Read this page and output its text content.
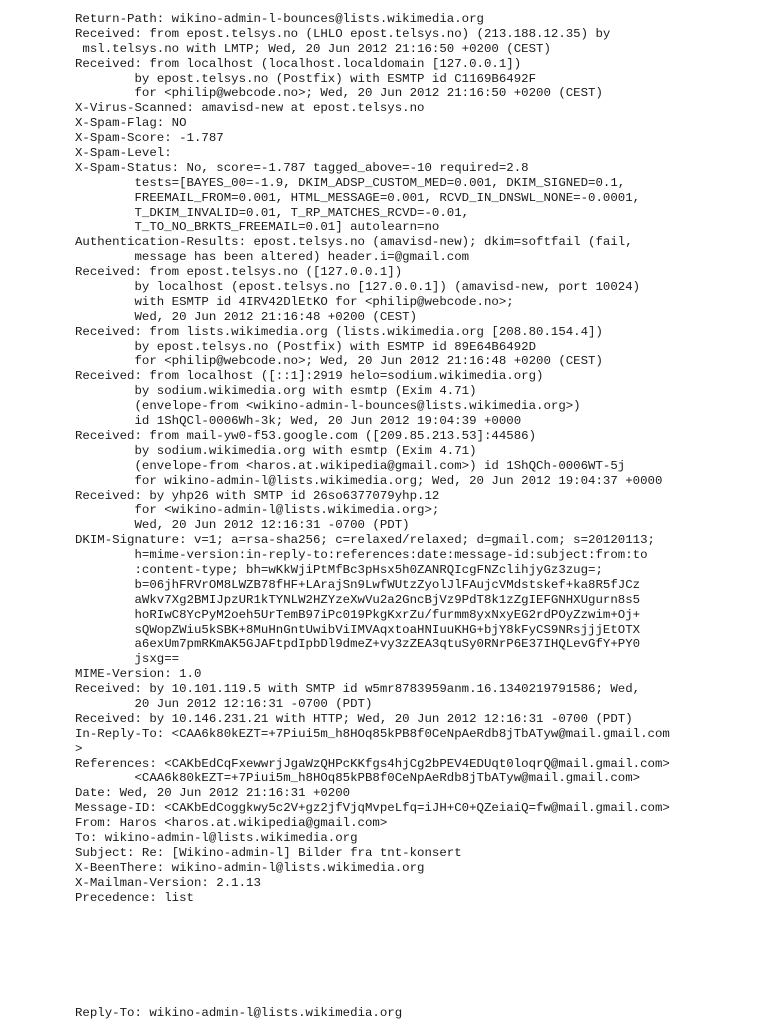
Return-Path: wikino-admin-l-bounces@lists.wikimedia.org
Received: from epost.telsys.no (LHLO epost.telsys.no) (213.188.12.35) by
msl.telsys.no with LMTP; Wed, 20 Jun 2012 21:16:50 +0200 (CEST)
Received: from localhost (localhost.localdomain [127.0.0.1])
by epost.telsys.no (Postfix) with ESMTP id C1169B6492F
for <philip@webcode.no>; Wed, 20 Jun 2012 21:16:50 +0200 (CEST)
X-Virus-Scanned: amavisd-new at epost.telsys.no
X-Spam-Flag: NO
X-Spam-Score: -1.787
X-Spam-Level:
X-Spam-Status: No, score=-1.787 tagged_above=-10 required=2.8
tests=[BAYES_00=-1.9, DKIM_ADSP_CUSTOM_MED=0.001, DKIM_SIGNED=0.1,
FREEMAIL_FROM=0.001, HTML_MESSAGE=0.001, RCVD_IN_DNSWL_NONE=-0.0001,
T_DKIM_INVALID=0.01, T_RP_MATCHES_RCVD=-0.01,
T_TO_NO_BRKTS_FREEMAIL=0.01] autolearn=no
Authentication-Results: epost.telsys.no (amavisd-new); dkim=softfail (fail,
message has been altered) header.i=@gmail.com
Received: from epost.telsys.no ([127.0.0.1])
by localhost (epost.telsys.no [127.0.0.1]) (amavisd-new, port 10024)
with ESMTP id 4IRV42DlEtKO for <philip@webcode.no>;
Wed, 20 Jun 2012 21:16:48 +0200 (CEST)
Received: from lists.wikimedia.org (lists.wikimedia.org [208.80.154.4])
by epost.telsys.no (Postfix) with ESMTP id 89E64B6492D
for <philip@webcode.no>; Wed, 20 Jun 2012 21:16:48 +0200 (CEST)
Received: from localhost ([::1]:2919 helo=sodium.wikimedia.org)
by sodium.wikimedia.org with esmtp (Exim 4.71)
(envelope-from <wikino-admin-l-bounces@lists.wikimedia.org>)
id 1ShQCl-0006Wh-3k; Wed, 20 Jun 2012 19:04:39 +0000
Received: from mail-yw0-f53.google.com ([209.85.213.53]:44586)
by sodium.wikimedia.org with esmtp (Exim 4.71)
(envelope-from <haros.at.wikipedia@gmail.com>) id 1ShQCh-0006WT-5j
for wikino-admin-l@lists.wikimedia.org; Wed, 20 Jun 2012 19:04:37 +0000
Received: by yhp26 with SMTP id 26so6377079yhp.12
for <wikino-admin-l@lists.wikimedia.org>;
Wed, 20 Jun 2012 12:16:31 -0700 (PDT)
DKIM-Signature: v=1; a=rsa-sha256; c=relaxed/relaxed; d=gmail.com; s=20120113;
h=mime-version:in-reply-to:references:date:message-id:subject:from:to
:content-type; bh=wKkWjiPtMfBc3pHsx5h0ZANRQIcgFNZclihjyGz3zug=;
b=06jhFRVrOM8LWZB78fHF+LArajSn9LwfWUtzZyolJlFAujcVMdstskef+ka8R5fJCz
aWkv7Xg2BMIJpzUR1kTYNLW2HZYzeXwVu2a2GncBjVz9PdT8k1zZgIEFGNHXUgurn8s5
hoRIwC8YcPyM2oeh5UrTemB97iPc019PkgKxrZu/furmm8yxNxyEG2rdPOyZzwim+Oj+
sQWopZWiu5kSBK+8MuHnGntUwibViIMVAqxtoaHNIuuKHG+bjY8kFyCS9NRsjjjEtOTX
a6exUm7pmRKmAK5GJAFtpdIpbDl9dmeZ+vy3zZEA3qtuSy0RNrP6E37IHQLevGfY+PY0
jsxg==
MIME-Version: 1.0
Received: by 10.101.119.5 with SMTP id w5mr8783959anm.16.1340219791586; Wed,
20 Jun 2012 12:16:31 -0700 (PDT)
Received: by 10.146.231.21 with HTTP; Wed, 20 Jun 2012 12:16:31 -0700 (PDT)
In-Reply-To: <CAA6k80kEZT=+7Piui5m_h8HOq85kPB8f0CeNpAeRdb8jTbATyw@mail.gmail.com
>
References: <CAKbEdCqFxewwrjJgaWzQHPcKKfgs4hjCg2bPEV4EDUqt0loqrQ@mail.gmail.com>
<CAA6k80kEZT=+7Piui5m_h8HOq85kPB8f0CeNpAeRdb8jTbATyw@mail.gmail.com>
Date: Wed, 20 Jun 2012 21:16:31 +0200
Message-ID: <CAKbEdCoggkwy5c2V+gz2jfVjqMvpeLfq=iJH+C0+QZeiaiQ=fw@mail.gmail.com>
From: Haros <haros.at.wikipedia@gmail.com>
To: wikino-admin-l@lists.wikimedia.org
Subject: Re: [Wikino-admin-l] Bilder fra tnt-konsert
X-BeenThere: wikino-admin-l@lists.wikimedia.org
X-Mailman-Version: 2.1.13
Precedence: list
Reply-To: wikino-admin-l@lists.wikimedia.org
